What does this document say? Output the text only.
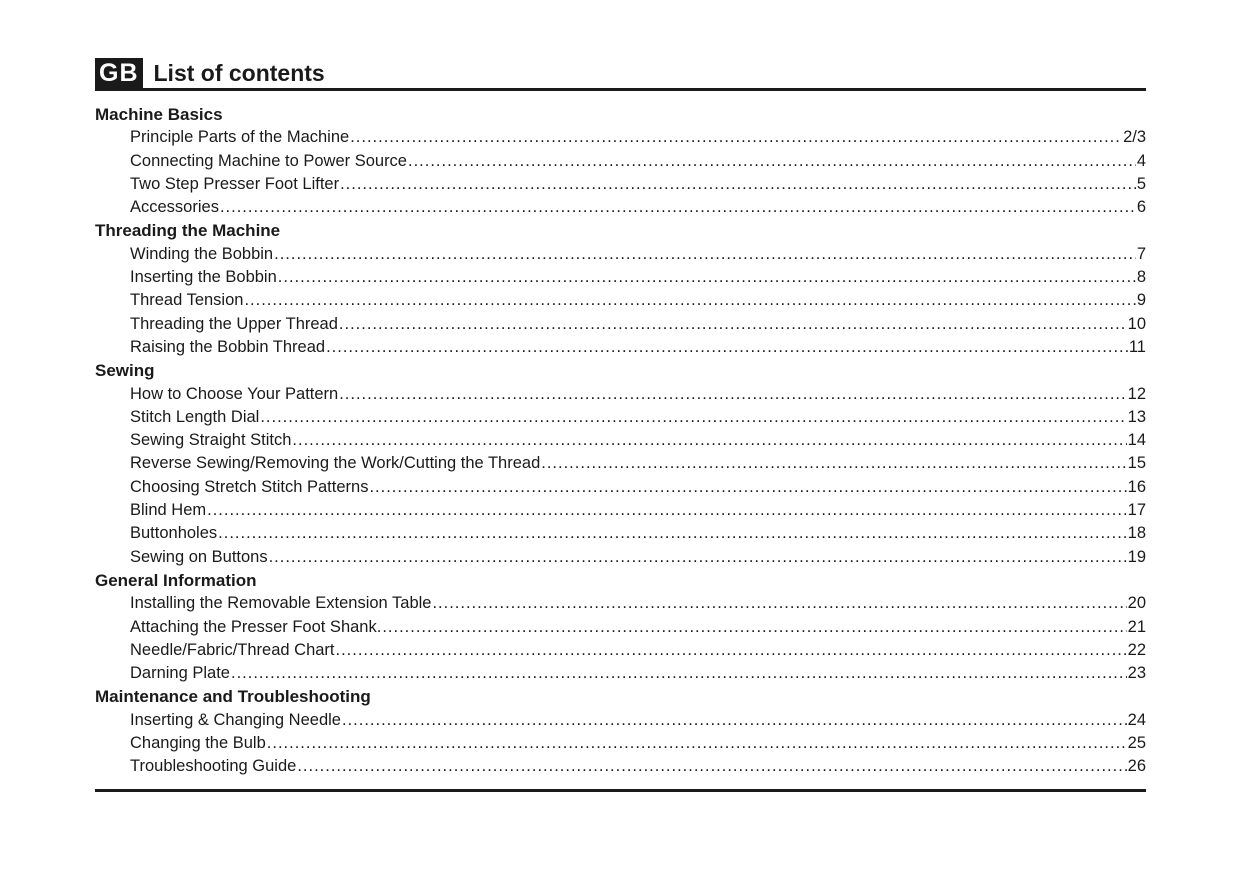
GB List of contents
Machine Basics
Principle Parts of the Machine .....	2/3
Connecting Machine to Power Source .....	4
Two Step Presser Foot Lifter .....	5
Accessories .....	6
Threading the Machine
Winding the Bobbin .....	7
Inserting the Bobbin .....	8
Thread Tension .....	9
Threading the Upper Thread .....	10
Raising the Bobbin Thread .....	11
Sewing
How to Choose Your Pattern .....	12
Stitch Length Dial .....	13
Sewing Straight Stitch .....	14
Reverse Sewing/Removing the Work/Cutting the Thread .....	15
Choosing Stretch Stitch Patterns .....	16
Blind Hem .....	17
Buttonholes .....	18
Sewing on Buttons .....	19
General Information
Installing the Removable Extension Table .....	20
Attaching the Presser Foot Shank. .....	21
Needle/Fabric/Thread Chart .....	22
Darning Plate .....	23
Maintenance and Troubleshooting
Inserting & Changing Needle .....	24
Changing the Bulb .....	25
Troubleshooting Guide .....	26
